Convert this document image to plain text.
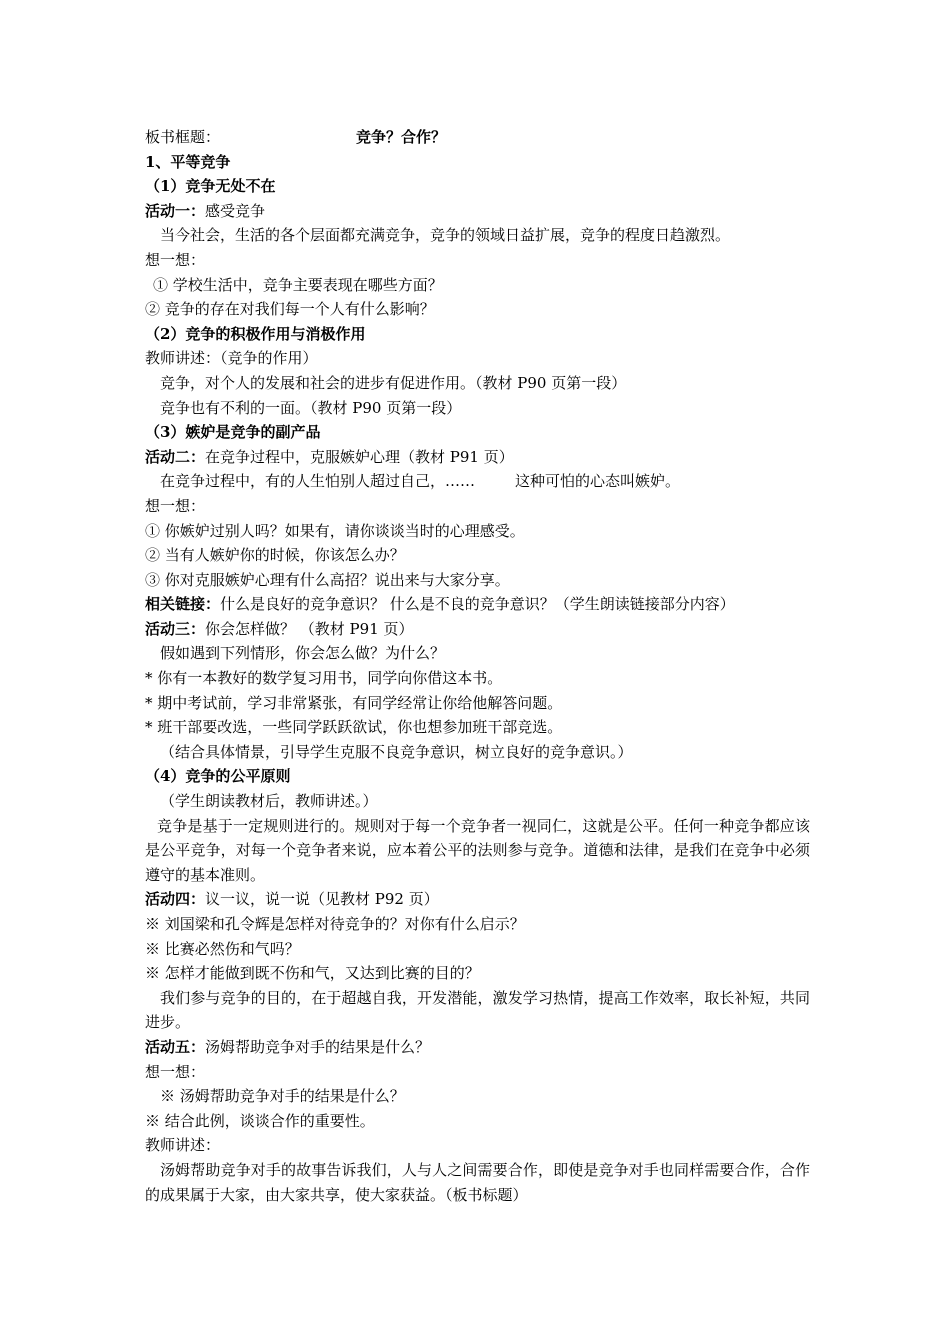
板书框题：	竞争？合作？
1、平等竞争
（1）竞争无处不在
活动一：感受竞争
当今社会，生活的各个层面都充满竞争，竞争的领域日益扩展，竞争的程度日趋激烈。
想一想：
① 学校生活中，竞争主要表现在哪些方面？
② 竞争的存在对我们每一个人有什么影响？
（2）竞争的积极作用与消极作用
教师讲述：（竞争的作用）
竞争，对个人的发展和社会的进步有促进作用。（教材 P90 页第一段）
竞争也有不利的一面。（教材 P90 页第一段）
（3）嫉妒是竞争的副产品
活动二：在竞争过程中，克服嫉妒心理（教材 P91 页）
在竞争过程中，有的人生怕别人超过自己，……	这种可怕的心态叫嫉妒。
想一想：
① 你嫉妒过别人吗？如果有，请你谈谈当时的心理感受。
② 当有人嫉妒你的时候，你该怎么办？
③ 你对克服嫉妒心理有什么高招？说出来与大家分享。
相关链接：什么是良好的竞争意识？ 什么是不良的竞争意识？（学生朗读链接部分内容）
活动三：你会怎样做？ （教材 P91 页）
假如遇到下列情形，你会怎么做？为什么？
* 你有一本教好的数学复习用书，同学向你借这本书。
* 期中考试前，学习非常紧张，有同学经常让你给他解答问题。
* 班干部要改选，一些同学跃跃欲试，你也想参加班干部竞选。
（结合具体情景，引导学生克服不良竞争意识，树立良好的竞争意识。）
（4）竞争的公平原则
（学生朗读教材后，教师讲述。）
竞争是基于一定规则进行的。规则对于每一个竞争者一视同仁，这就是公平。任何一种竞争都应该是公平竞争，对每一个竞争者来说，应本着公平的法则参与竞争。道德和法律，是我们在竞争中必须遵守的基本准则。
活动四：议一议，说一说（见教材 P92 页）
※ 刘国梁和孔令辉是怎样对待竞争的？对你有什么启示？
※ 比赛必然伤和气吗？
※ 怎样才能做到既不伤和气，又达到比赛的目的？
我们参与竞争的目的，在于超越自我，开发潜能，激发学习热情，提高工作效率，取长补短，共同进步。
活动五：汤姆帮助竞争对手的结果是什么？
想一想：
※ 汤姆帮助竞争对手的结果是什么？
※ 结合此例，谈谈合作的重要性。
教师讲述：
汤姆帮助竞争对手的故事告诉我们，人与人之间需要合作，即使是竞争对手也同样需要合作，合作的成果属于大家，由大家共享，使大家获益。（板书标题）
